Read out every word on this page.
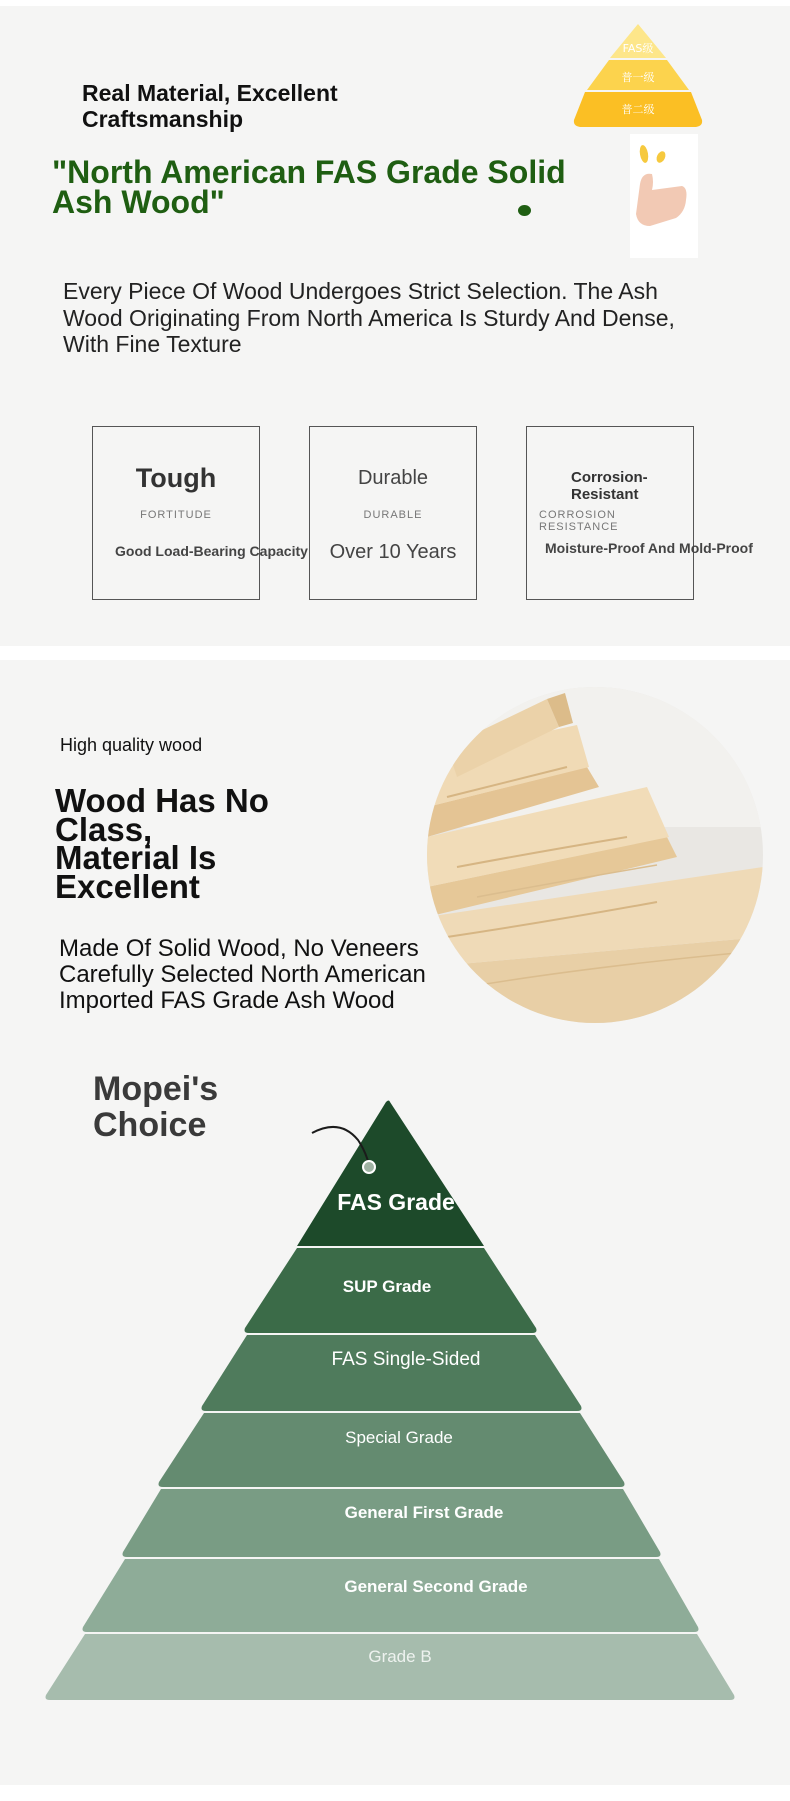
Real Material, Excellent Craftsmanship
"North American FAS Grade Solid Ash Wood"
Every Piece Of Wood Undergoes Strict Selection. The Ash Wood Originating From North America Is Sturdy And Dense, With Fine Texture
FAS级
普一级
普二级
Tough
FORTITUDE
Good Load-Bearing Capacity
Durable
DURABLE
Over 10 Years
Corrosion-Resistant
CORROSION RESISTANCE
Moisture-Proof And Mold-Proof
High quality wood
Wood Has No Class, Material Is Excellent
Made Of Solid Wood, No Veneers Carefully Selected North American Imported FAS Grade Ash Wood
Mopei's Choice
FAS Grade
SUP Grade
FAS Single-Sided
Special Grade
General First Grade
General Second Grade
Grade B
